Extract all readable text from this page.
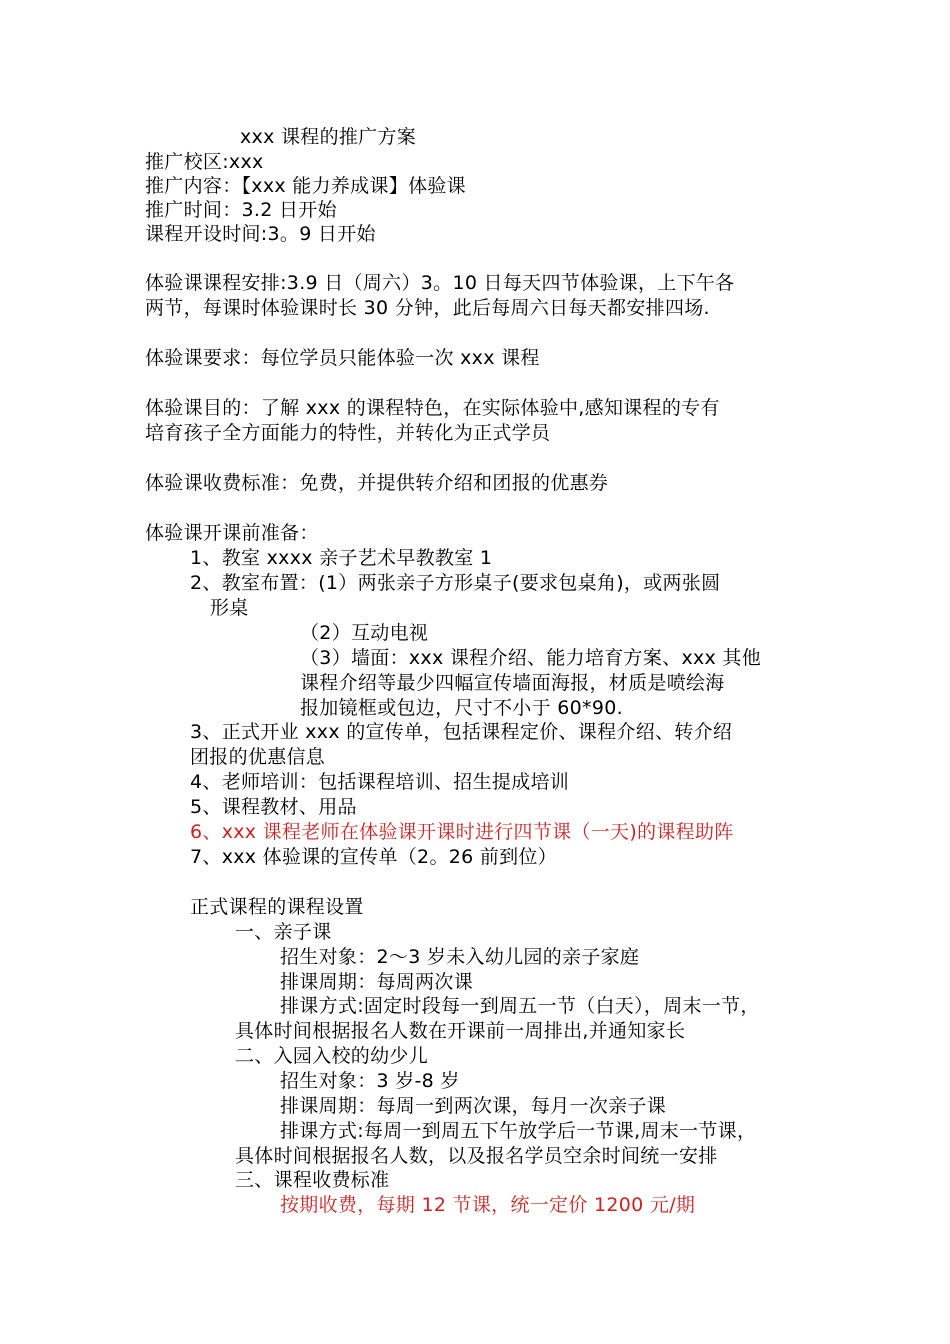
xxx 课程的推广方案
推广校区:xxx
推广内容：【xxx 能力养成课】体验课
推广时间：3.2 日开始
课程开设时间:3。9 日开始
体验课课程安排:3.9 日（周六）3。10 日每天四节体验课，上下午各
两节，每课时体验课时长 30 分钟，此后每周六日每天都安排四场.
体验课要求：每位学员只能体验一次 xxx 课程
体验课目的：了解 xxx 的课程特色，在实际体验中,感知课程的专有
培育孩子全方面能力的特性，并转化为正式学员
体验课收费标准：免费，并提供转介绍和团报的优惠券
体验课开课前准备：
1、教室 xxxx 亲子艺术早教教室 1
2、教室布置：(1）两张亲子方形桌子(要求包桌角)，或两张圆
形桌
（2）互动电视
（3）墙面：xxx 课程介绍、能力培育方案、xxx 其他
课程介绍等最少四幅宣传墙面海报，材质是喷绘海
报加镜框或包边，尺寸不小于 60*90.
3、正式开业 xxx 的宣传单，包括课程定价、课程介绍、转介绍
团报的优惠信息
4、老师培训：包括课程培训、招生提成培训
5、课程教材、用品
6、xxx 课程老师在体验课开课时进行四节课（一天)的课程助阵
7、xxx 体验课的宣传单（2。26 前到位）
正式课程的课程设置
一、亲子课
招生对象：2～3 岁未入幼儿园的亲子家庭
排课周期：每周两次课
排课方式:固定时段每一到周五一节（白天），周末一节，
具体时间根据报名人数在开课前一周排出,并通知家长
二、入园入校的幼少儿
招生对象：3 岁-8 岁
排课周期：每周一到两次课，每月一次亲子课
排课方式:每周一到周五下午放学后一节课,周末一节课，
具体时间根据报名人数，以及报名学员空余时间统一安排
三、课程收费标准
按期收费，每期 12 节课，统一定价 1200 元/期
